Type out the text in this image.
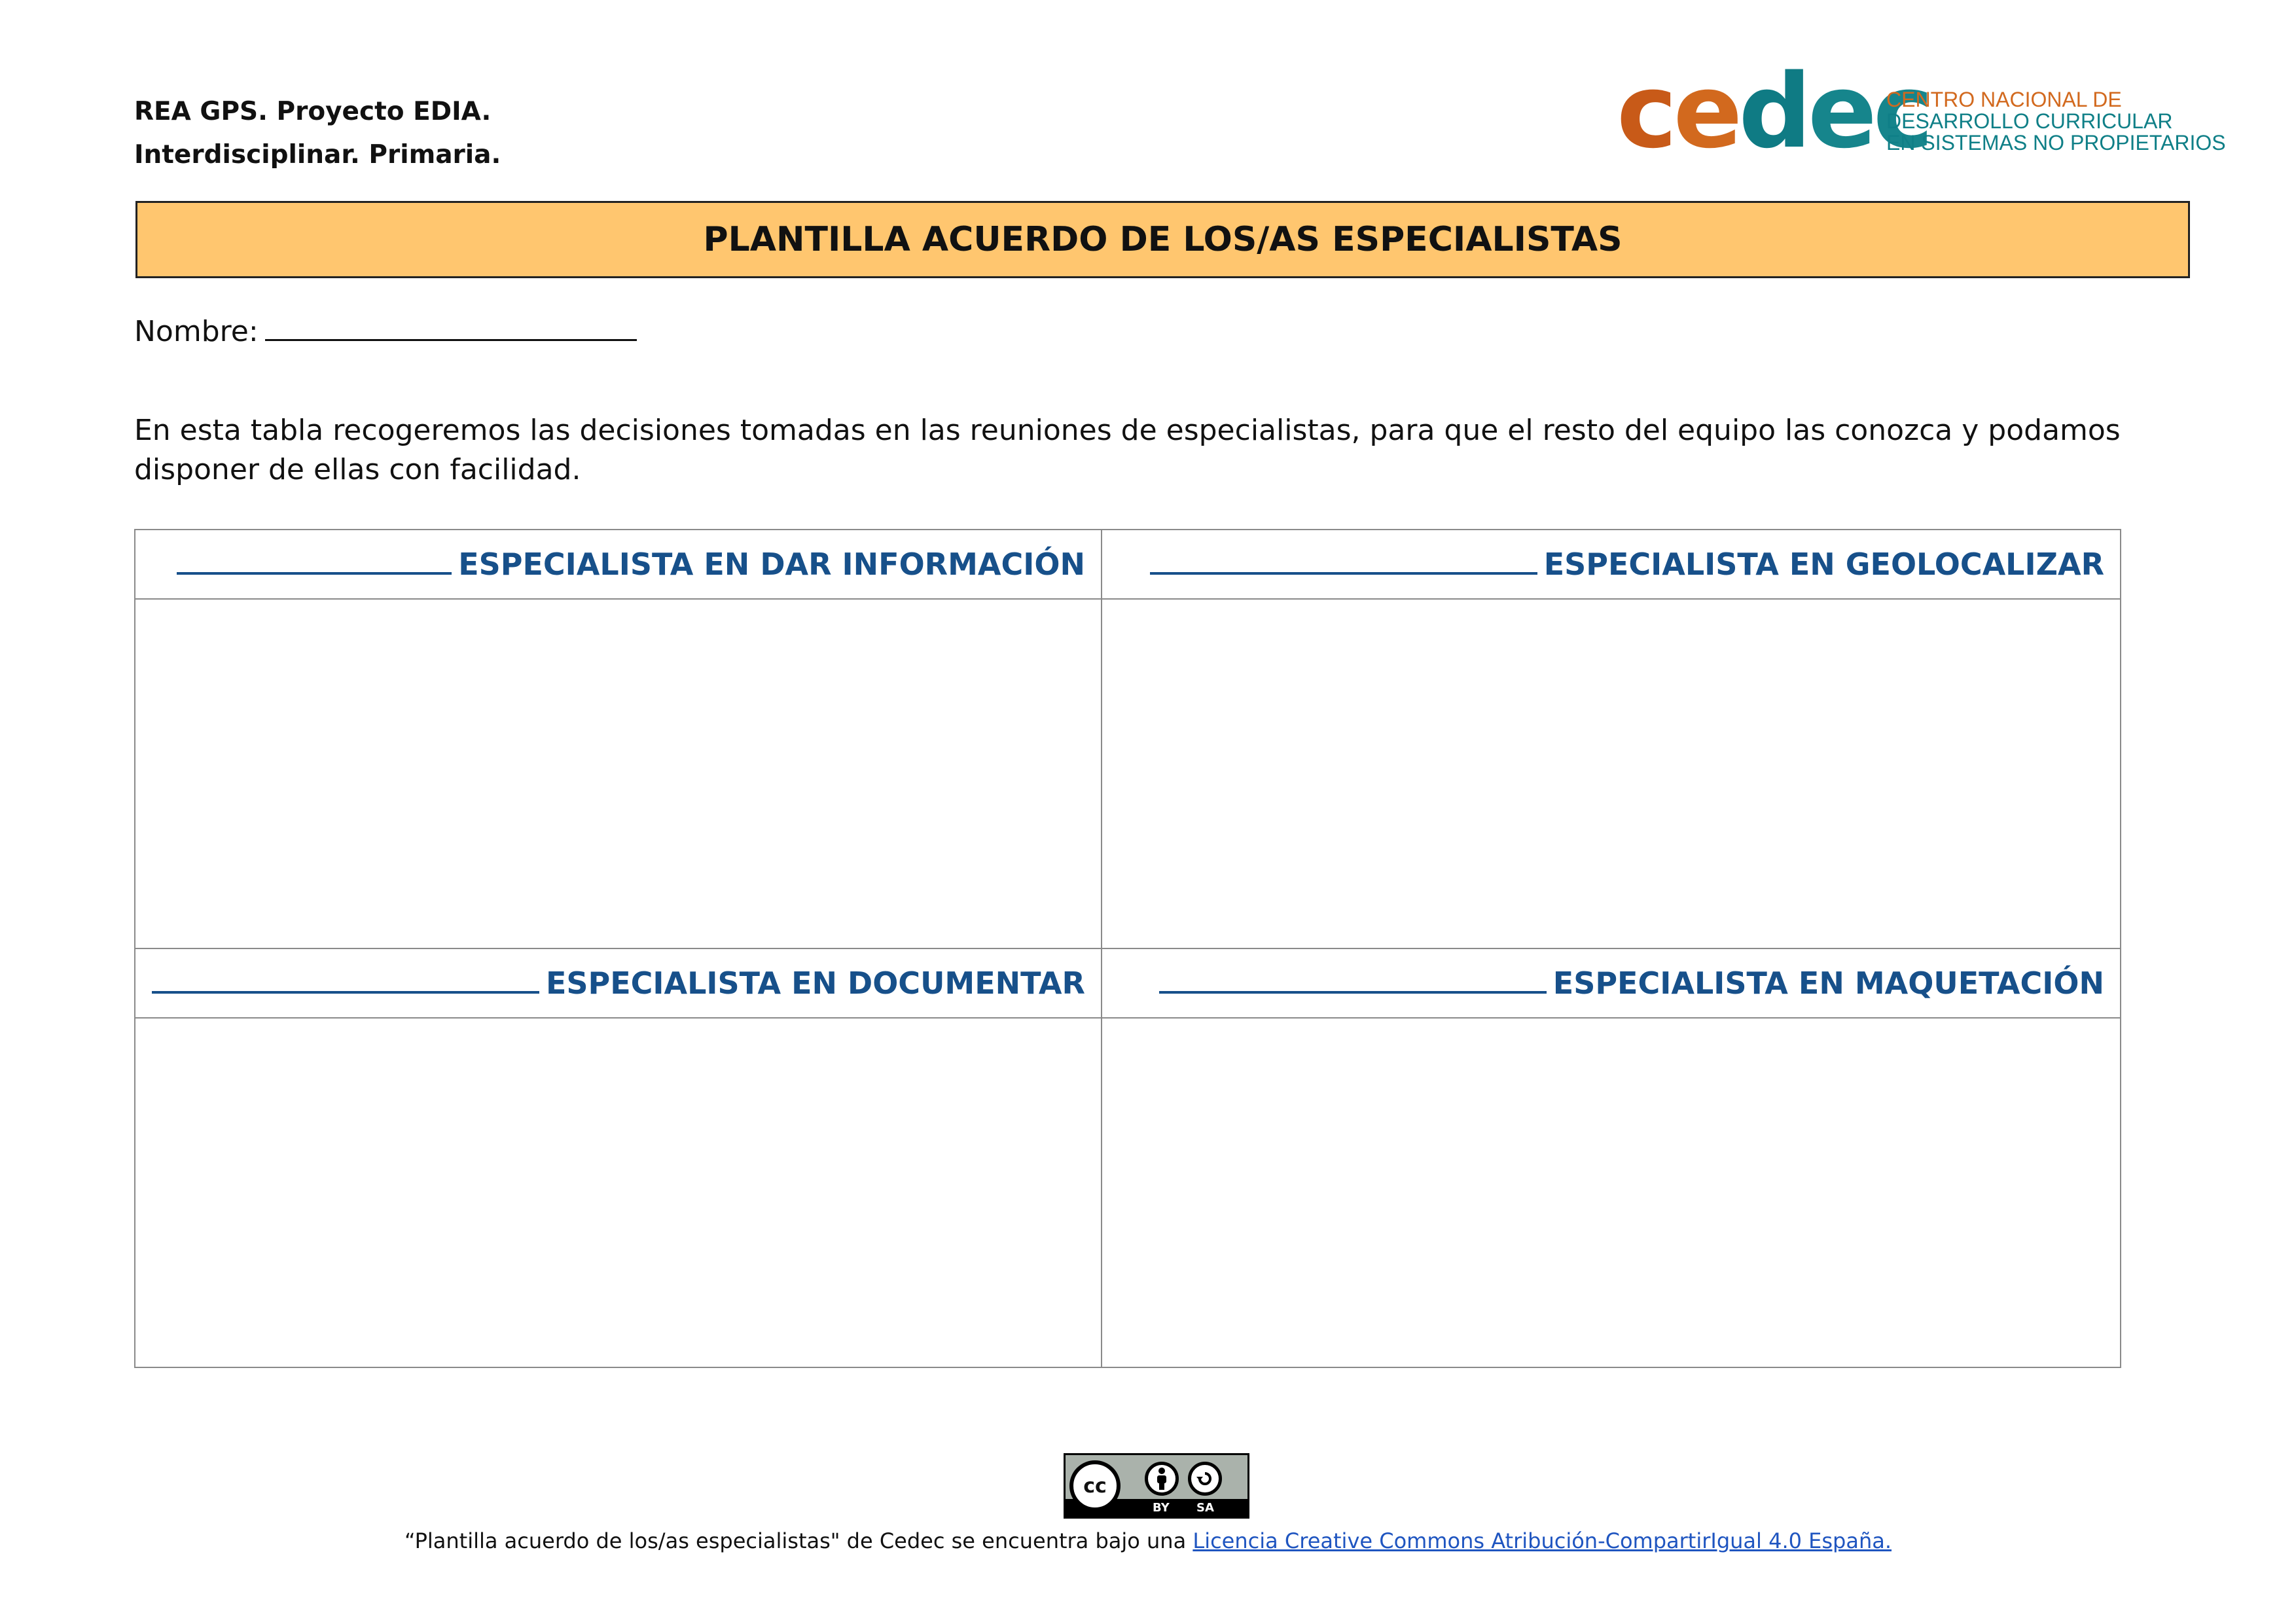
REA GPS. Proyecto EDIA.
Interdisciplinar. Primaria.	cedec
CENTRO NACIONAL DE
DESARROLLO CURRICULAR
EN SISTEMAS NO PROPIETARIOS
PLANTILLA ACUERDO DE LOS/AS ESPECIALISTAS
Nombre:
En esta tabla recogeremos las decisiones tomadas en las reuniones de especialistas, para que el resto del equipo las conozca y podamos disponer de ellas con facilidad.
ESPECIALISTA EN DAR INFORMACIÓN	ESPECIALISTA EN GEOLOCALIZAR

ESPECIALISTA EN DOCUMENTAR	ESPECIALISTA EN MAQUETACIÓN

cc
BY SA
“Plantilla acuerdo de los/as especialistas" de Cedec se encuentra bajo una Licencia Creative Commons Atribución-CompartirIgual 4.0 España.
